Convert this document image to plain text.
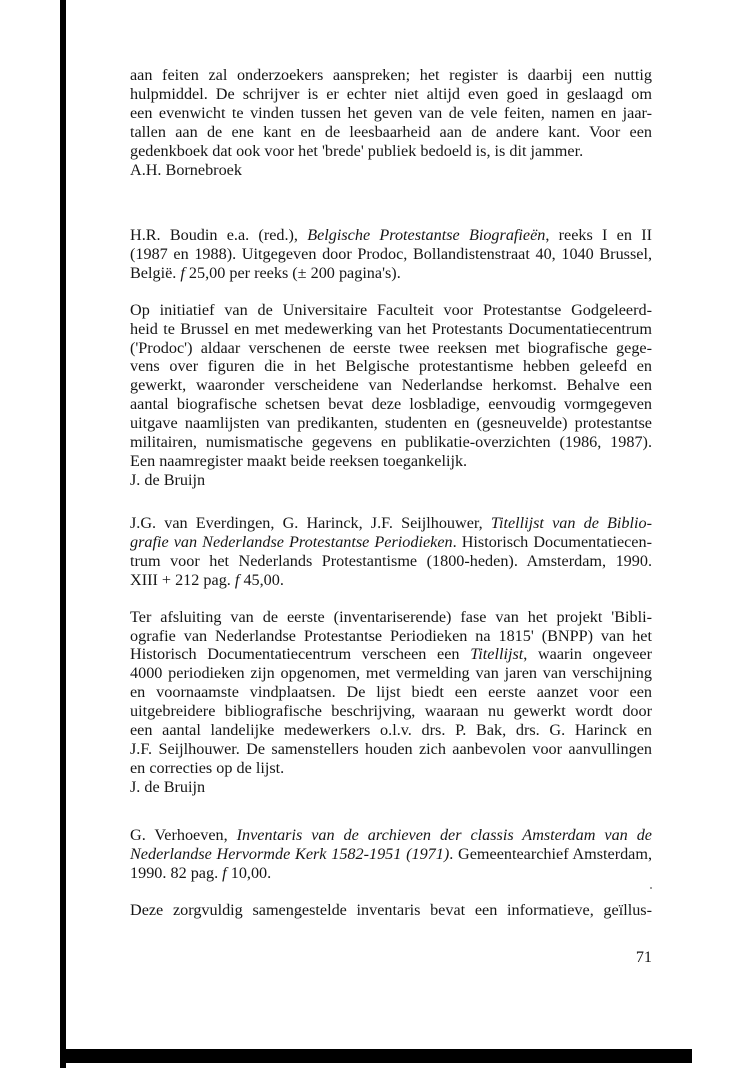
aan feiten zal onderzoekers aanspreken; het register is daarbij een nuttig
hulpmiddel. De schrijver is er echter niet altijd even goed in geslaagd om
een evenwicht te vinden tussen het geven van de vele feiten, namen en jaar-
tallen aan de ene kant en de leesbaarheid aan de andere kant. Voor een
gedenkboek dat ook voor het 'brede' publiek bedoeld is, is dit jammer.

A.H. Bornebroek

H.R. Boudin e.a. (red.), Belgische Protestantse Biografieën, reeks I en II
(1987 en 1988). Uitgegeven door Prodoc, Bollandistenstraat 40, 1040 Brussel,
België. f 25,00 per reeks (± 200 pagina's).
Op initiatief van de Universitaire Faculteit voor Protestantse Godgeleerd-
heid te Brussel en met medewerking van het Protestants Documentatiecentrum
('Prodoc') aldaar verschenen de eerste twee reeksen met biografische gege-
vens over figuren die in het Belgische protestantisme hebben geleefd en
gewerkt, waaronder verscheidene van Nederlandse herkomst. Behalve een
aantal biografische schetsen bevat deze losbladige, eenvoudig vormgegeven
uitgave naamlijsten van predikanten, studenten en (gesneuvelde) protestantse
militairen, numismatische gegevens en publikatie-overzichten (1986, 1987).
Een naamregister maakt beide reeksen toegankelijk.

J. de Bruijn

J.G. van Everdingen, G. Harinck, J.F. Seijlhouwer, Titellijst van de Biblio-
grafie van Nederlandse Protestantse Periodieken. Historisch Documentatiecen-
trum voor het Nederlands Protestantisme (1800-heden). Amsterdam, 1990.
XIII + 212 pag. f 45,00.
Ter afsluiting van de eerste (inventariserende) fase van het projekt 'Bibli-
ografie van Nederlandse Protestantse Periodieken na 1815' (BNPP) van het
Historisch Documentatiecentrum verscheen een Titellijst, waarin ongeveer
4000 periodieken zijn opgenomen, met vermelding van jaren van verschijning
en voornaamste vindplaatsen. De lijst biedt een eerste aanzet voor een
uitgebreidere bibliografische beschrijving, waaraan nu gewerkt wordt door
een aantal landelijke medewerkers o.l.v. drs. P. Bak, drs. G. Harinck en
J.F. Seijlhouwer. De samenstellers houden zich aanbevolen voor aanvullingen
en correcties op de lijst.

J. de Bruijn

G. Verhoeven, Inventaris van de archieven der classis Amsterdam van de
Nederlandse Hervormde Kerk 1582-1951 (1971). Gemeentearchief Amsterdam,
1990. 82 pag. f 10,00.
Deze zorgvuldig samengestelde inventaris bevat een informatieve, geïllus-
71
